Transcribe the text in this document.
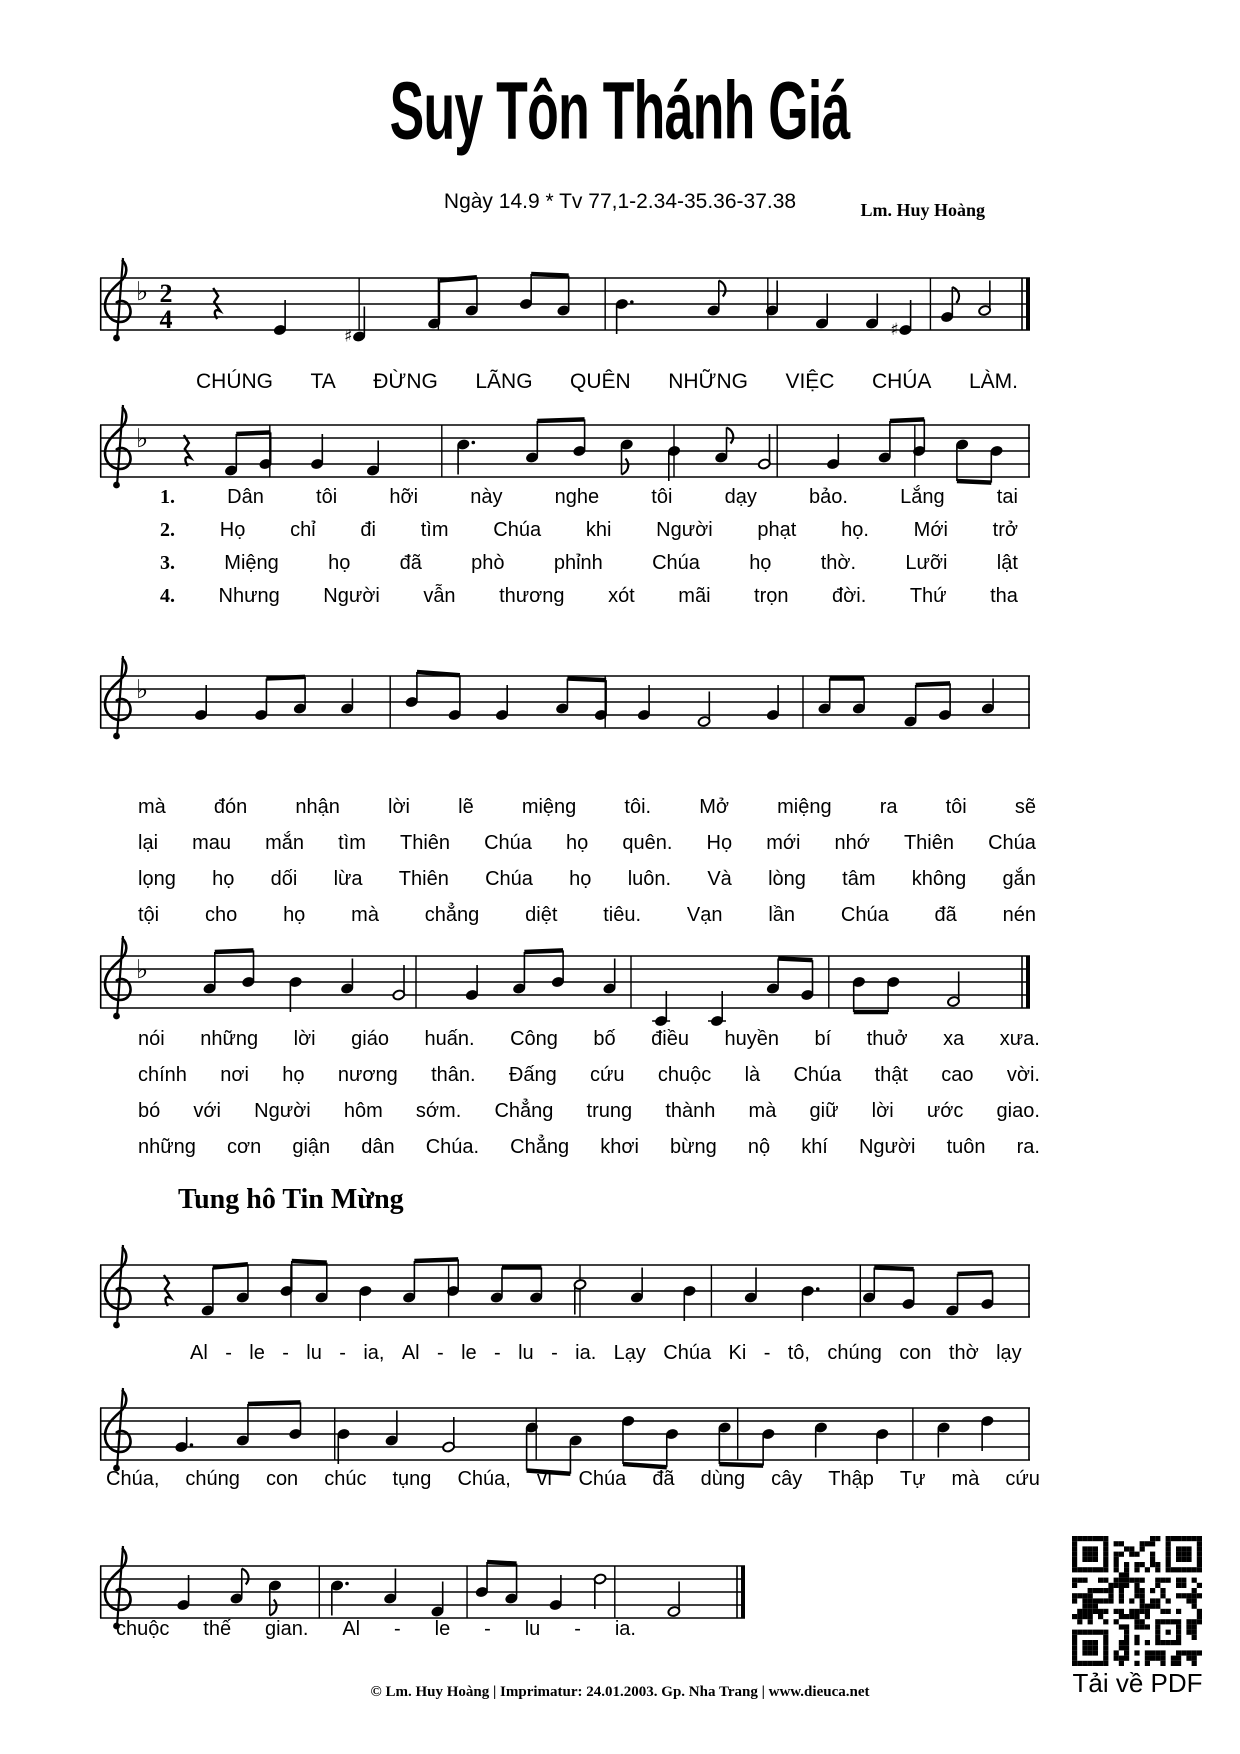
Suy Tôn Thánh Giá
Ngày 14.9 * Tv 77,1-2.34-35.36-37.38	Lm. Huy Hoàng
♭ 2
4
♯	♯
♭
♭
♭
CHÚNG TA ĐỪNG LÃNG QUÊN NHỮNG VIỆC CHÚA LÀM.
1.	Dân	tôi	hỡi	này	nghe	tôi	dạy	bảo.	Lắng	tai
2. Họ chỉ đi tìm Chúa khi Người phạt họ. Mới trở
3. Miệng họ đã phò phỉnh Chúa họ thờ. Lưỡi lật
4. Nhưng Người vẫn thương xót mãi trọn đời. Thứ tha
mà đón nhận lời lẽ miệng tôi. Mở miệng ra tôi sẽ
lại mau mắn tìm Thiên Chúa họ quên. Họ mới nhớ Thiên Chúa
lọng họ dối lừa Thiên Chúa họ luôn. Và lòng tâm không gắn
tội cho họ mà chẳng diệt tiêu. Vạn lần Chúa đã nén
nói những lời giáo huấn. Công bố điều huyền bí thuở xa xưa.
chính nơi họ nương thân. Đấng cứu chuộc là Chúa thật cao vời.
bó với Người hôm sớm. Chẳng trung thành mà giữ lời ước giao.
những cơn giận dân Chúa. Chẳng khơi bừng nộ khí Người tuôn ra.
Tung hô Tin Mừng
Al - le - lu - ia, Al - le - lu - ia. Lạy Chúa Ki - tô, chúng con thờ lạy
Chúa, chúng con chúc tụng Chúa, vì Chúa đã dùng cây Thập Tự mà cứu
chuộc thế gian. Al - le - lu - ia.
Tải về PDF
© Lm. Huy Hoàng | Imprimatur: 24.01.2003. Gp. Nha Trang | www.dieuca.net
